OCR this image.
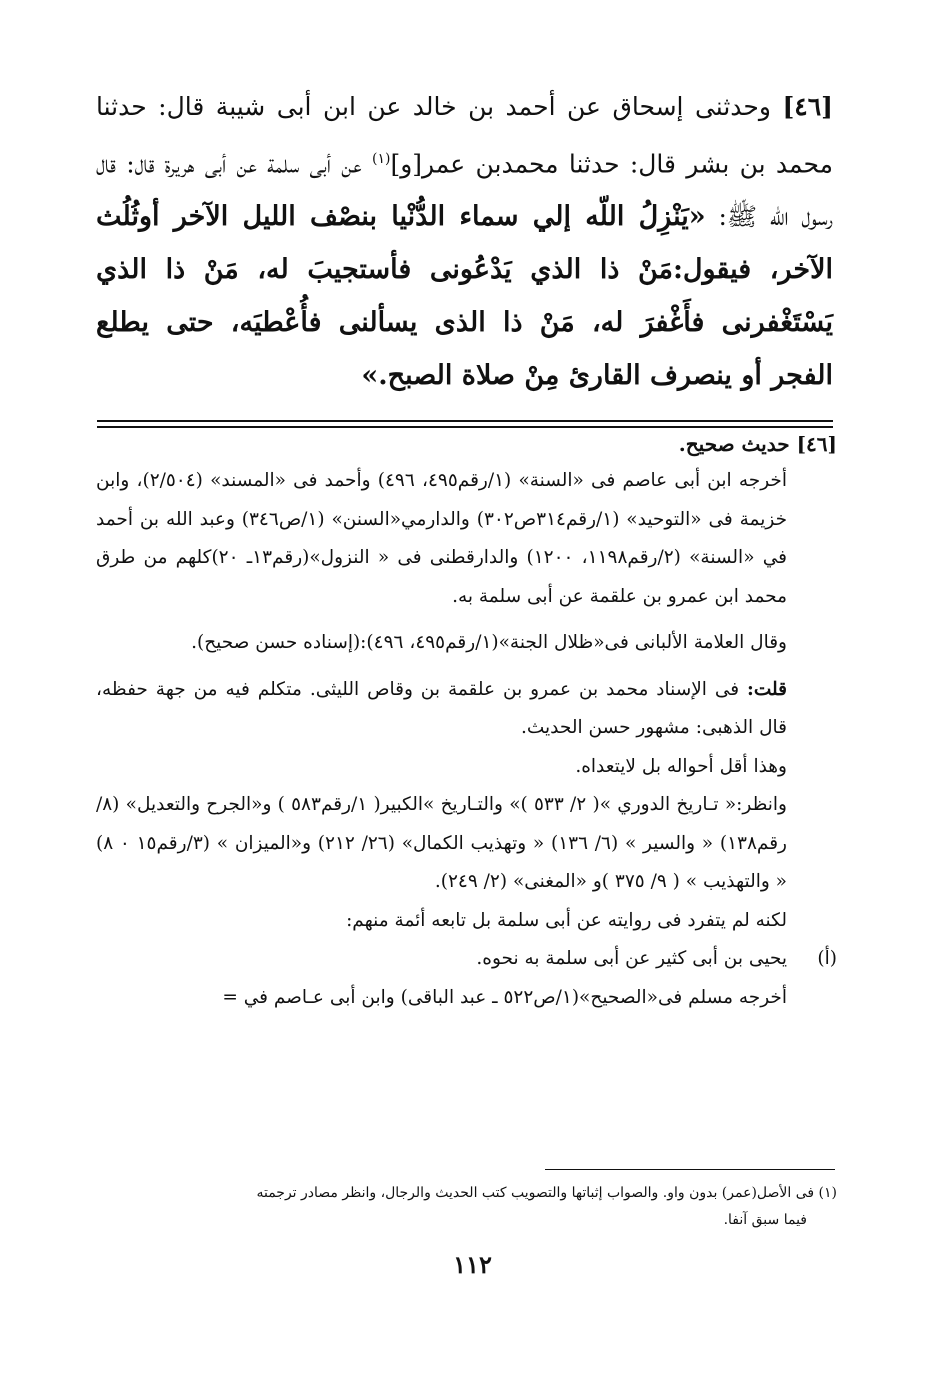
[٤٦] وحدثنى إسحاق عن أحمد بن خالد عن ابن أبى شيبة قال: حدثنا محمد بن بشر قال: حدثنا محمدبن عمر[و]$^{(١)}$ عن أبى سلمة عن أبى هريرة قال: قال رسول الله ﷺ: «يَنْزِلُ اللّه إلي سماء الدُّنْيا بنصْف الليل الآخر أوثُلُث الآخر، فيقول:مَنْ ذا الذي يَدْعُونى فأستجيبَ له، مَنْ ذا الذي يَسْتَغْفرنى فأَغْفرَ له، مَنْ ذا الذى يسألنى فأُعْطيَه، حتى يطلع الفجر أو ينصرف القارئ مِنْ صلاة الصبح.»

[٤٦] حديث صحيح.

أخرجه ابن أبى عاصم فى «السنة» (١/رقم٤٩٥، ٤٩٦) وأحمد فى «المسند» (٢/٥٠٤)، وابن خزيمة فى «التوحيد» (١/رقم٣١٤ص٣٠٢) والدارمي«السنن» (١/ص٣٤٦) وعبد الله بن أحمد في «السنة» (٢/رقم١١٩٨، ١٢٠٠) والدارقطنى فى « النزول»(رقم١٣ـ ٢٠)كلهم من طرق محمد ابن عمرو بن علقمة عن أبى سلمة به.

وقال العلامة الألبانى فى«ظلال الجنة»(١/رقم٤٩٥، ٤٩٦):(إسناده حسن صحيح).

قلت: فى الإسناد محمد بن عمرو بن علقمة بن وقاص الليثى. متكلم فيه من جهة حفظه، قال الذهبى: مشهور حسن الحديث.

وهذا أقل أحواله بل لايتعداه.

وانظر:« تـاريخ الدوري »( ٢/ ٥٣٣ )» والتـاريخ »الكبير( ١/رقم٥٨٣ ) و«الجرح والتعديل» (٨/رقم١٣٨) « والسير » (٦/ ١٣٦) « وتهذيب الكمال» (٢٦/ ٢١٢) و«الميزان » (٣/رقم١٥ ٠ ٨) « والتهذيب » ( ٩/ ٣٧٥ )و «المغنى» (٢/ ٢٤٩).

لكنه لم يتفرد فى روايته عن أبى سلمة بل تابعه أئمة منهم:

(أ)
يحيى بن أبى كثير عن أبى سلمة به نحوه.

أخرجه مسلم فى«الصحيح»(١/ص٥٢٢ ـ عبد الباقى) وابن أبى عـاصم في =

(١) فى الأصل(عمر) بدون واو. والصواب إثباتها والتصويب كتب الحديث والرجال، وانظر مصادر ترجمته
فيما سبق آنفا.
١١٢
